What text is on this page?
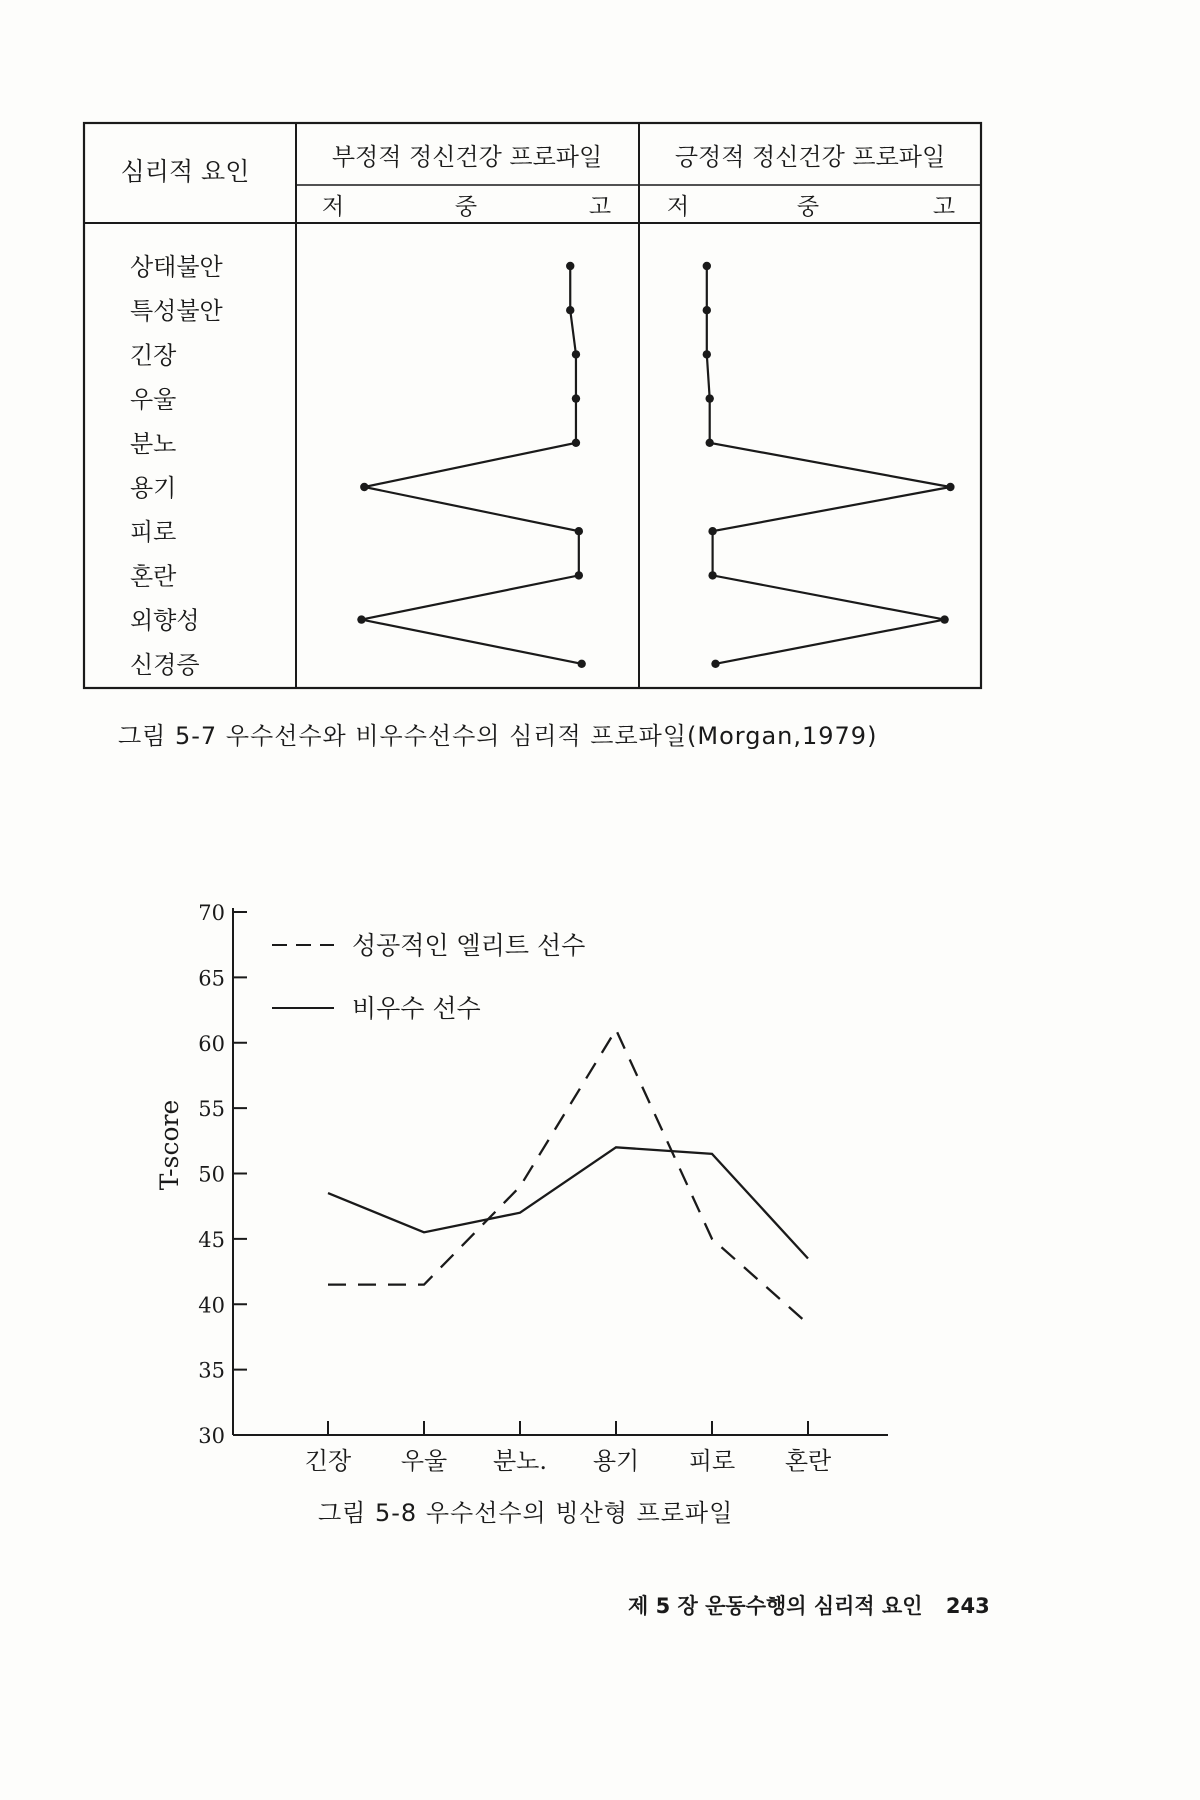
심리적 요인	부정적 정신건강 프로파일	긍정적 정신건강 프로파일
저	중	고 저	중	고
상태불안
특성불안
긴장
우울
분노
용기
피로
혼란
외향성
신경증
그림 5-7 우수선수와 비우수선수의 심리적 프로파일(Morgan,1979)
30
35
40
45
50
55
60
65
70
긴장 우울 분노. 용기 피로 혼란
T-score
성공적인 엘리트 선수
비우수 선수
그림 5-8 우수선수의 빙산형 프로파일
제 5 장 운동수행의 심리적 요인 243
